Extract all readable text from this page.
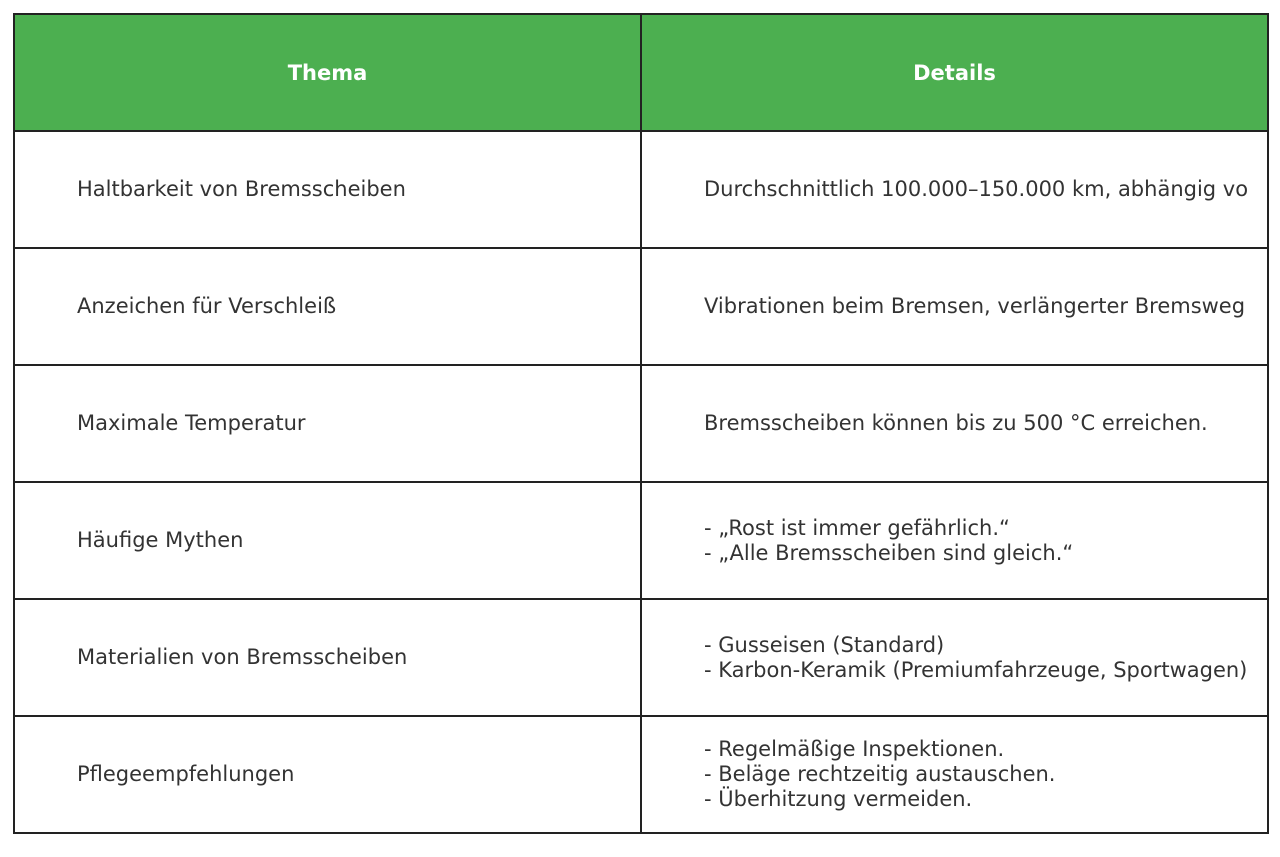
Thema	Details
Haltbarkeit von Bremsscheiben	Durchschnittlich 100.000–150.000 km, abhängig vo

Anzeichen für Verschleiß	Vibrationen beim Bremsen, verlängerter Bremsweg

Maximale Temperatur	Bremsscheiben können bis zu 500 °C erreichen.

Häufige Mythen	- „Rost ist immer gefährlich.“
- „Alle Bremsscheiben sind gleich.“

Materialien von Bremsscheiben	- Gusseisen (Standard)
- Karbon-Keramik (Premiumfahrzeuge, Sportwagen)

Pflegeempfehlungen	- Regelmäßige Inspektionen.
- Beläge rechtzeitig austauschen.
- Überhitzung vermeiden.
